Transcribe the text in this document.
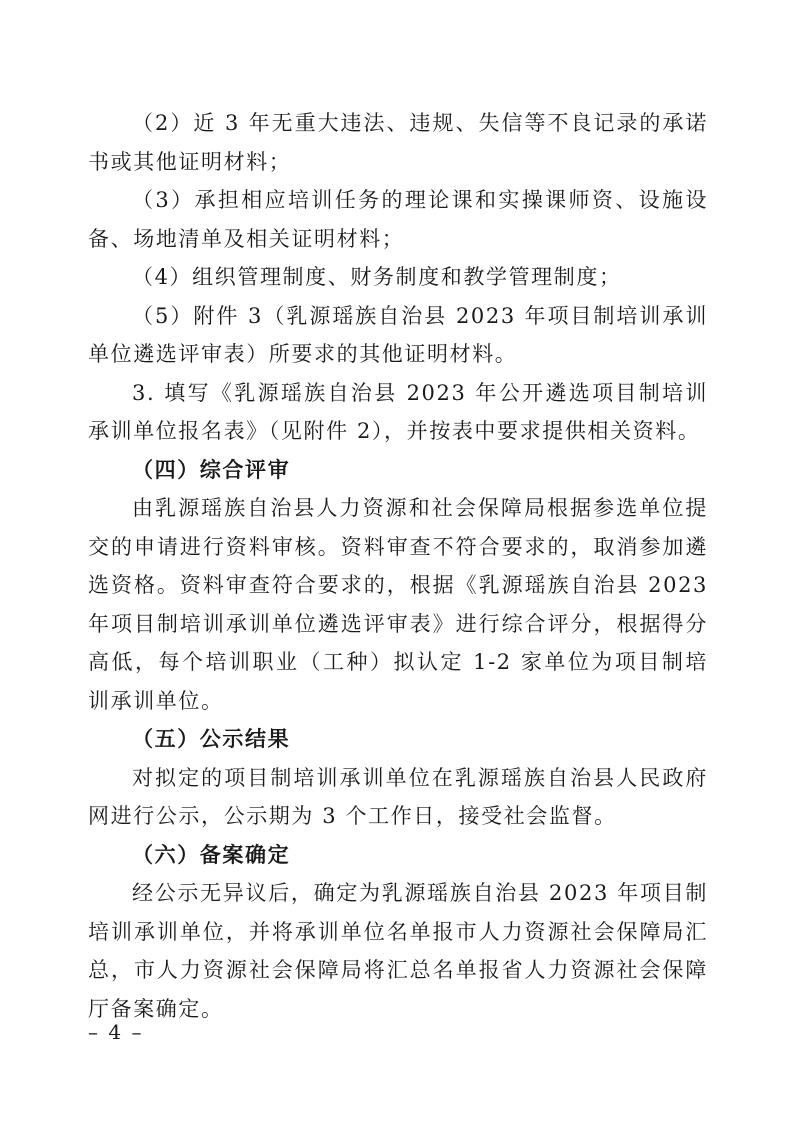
（2）近 3 年无重大违法、违规、失信等不良记录的承诺书或其他证明材料；

（3）承担相应培训任务的理论课和实操课师资、设施设备、场地清单及相关证明材料；

（4）组织管理制度、财务制度和教学管理制度；

（5）附件 3（乳源瑶族自治县 2023 年项目制培训承训单位遴选评审表）所要求的其他证明材料。

3. 填写《乳源瑶族自治县 2023 年公开遴选项目制培训承训单位报名表》（见附件 2），并按表中要求提供相关资料。

（四）综合评审

由乳源瑶族自治县人力资源和社会保障局根据参选单位提交的申请进行资料审核。资料审查不符合要求的，取消参加遴选资格。资料审查符合要求的，根据《乳源瑶族自治县 2023 年项目制培训承训单位遴选评审表》进行综合评分，根据得分高低，每个培训职业（工种）拟认定 1-2 家单位为项目制培训承训单位。

（五）公示结果

对拟定的项目制培训承训单位在乳源瑶族自治县人民政府网进行公示，公示期为 3 个工作日，接受社会监督。

（六）备案确定

经公示无异议后，确定为乳源瑶族自治县 2023 年项目制培训承训单位，并将承训单位名单报市人力资源社会保障局汇总，市人力资源社会保障局将汇总名单报省人力资源社会保障厅备案确定。

– 4 –
